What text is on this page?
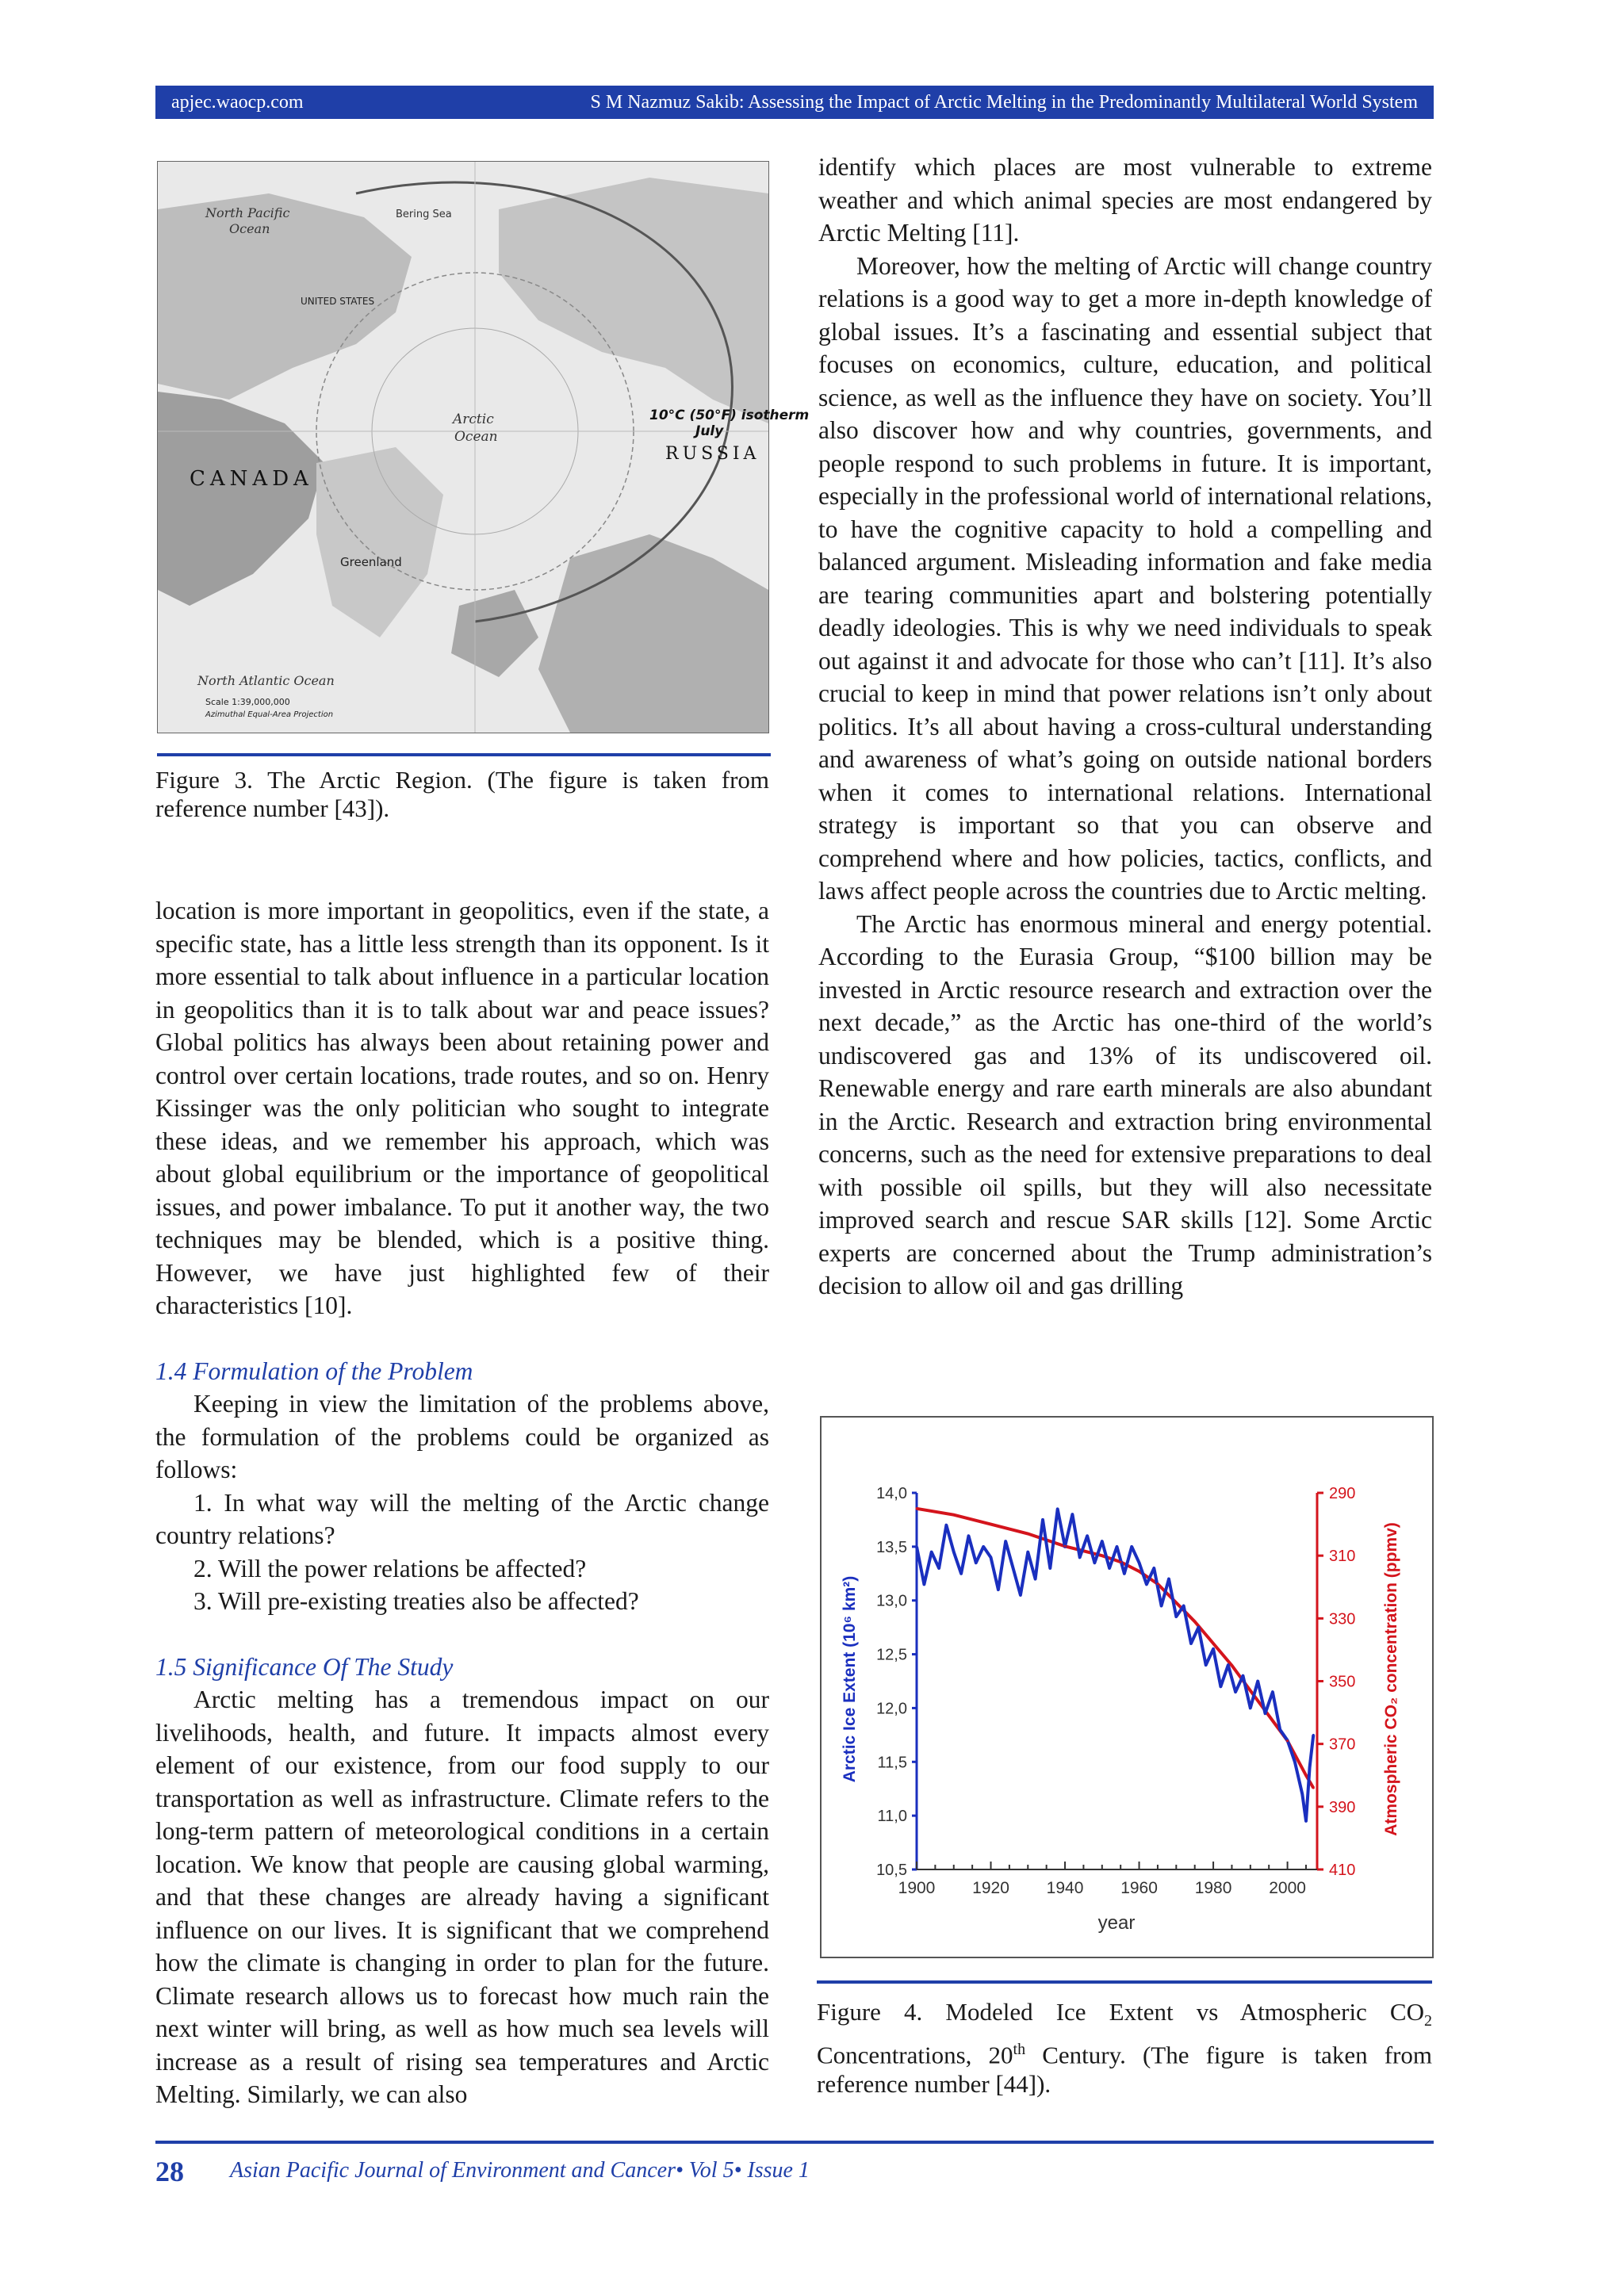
apjec.waocp.com	S M Nazmuz Sakib: Assessing the Impact of Arctic Melting in the Predominantly Multilateral World System
North Pacific
Ocean
Bering Sea
UNITED STATES
CANADA
Arctic
Ocean
10°C (50°F) isotherm
July
RUSSIA
Greenland
North Atlantic Ocean
Scale 1:39,000,000
Azimuthal Equal-Area Projection
Figure 3. The Arctic Region. (The figure is taken from reference number [43]).

location is more important in geopolitics, even if the state, a specific state, has a little less strength than its opponent. Is it more essential to talk about influence in a particular location in geopolitics than it is to talk about war and peace issues? Global politics has always been about retaining power and control over certain locations, trade routes, and so on. Henry Kissinger was the only politician who sought to integrate these ideas, and we remember his approach, which was about global equilibrium or the importance of geopolitical issues, and power imbalance. To put it another way, the two techniques may be blended, which is a positive thing. However, we have just highlighted few of their characteristics [10].

1.4 Formulation of the Problem

Keeping in view the limitation of the problems above, the formulation of the problems could be organized as follows:

1. In what way will the melting of the Arctic change country relations?

2. Will the power relations be affected?

3. Will pre-existing treaties also be affected?

1.5 Significance Of The Study

Arctic melting has a tremendous impact on our livelihoods, health, and future. It impacts almost every element of our existence, from our food supply to our transportation as well as infrastructure. Climate refers to the long-term pattern of meteorological conditions in a certain location. We know that people are causing global warming, and that these changes are already having a significant influence on our lives. It is significant that we comprehend how the climate is changing in order to plan for the future. Climate research allows us to forecast how much rain the next winter will bring, as well as how much sea levels will increase as a result of rising sea temperatures and Arctic Melting. Similarly, we can also

identify which places are most vulnerable to extreme weather and which animal species are most endangered by Arctic Melting [11].

Moreover, how the melting of Arctic will change country relations is a good way to get a more in-depth knowledge of global issues. It’s a fascinating and essential subject that focuses on economics, culture, education, and political science, as well as the influence they have on society. You’ll also discover how and why countries, governments, and people respond to such problems in future. It is important, especially in the professional world of international relations, to have the cognitive capacity to hold a compelling and balanced argument. Misleading information and fake media are tearing communities apart and bolstering potentially deadly ideologies. This is why we need individuals to speak out against it and advocate for those who can’t [11]. It’s also crucial to keep in mind that power relations isn’t only about politics. It’s all about having a cross-cultural understanding and awareness of what’s going on outside national borders when it comes to international relations. International strategy is important so that you can observe and comprehend where and how policies, tactics, conflicts, and laws affect people across the countries due to Arctic melting.

The Arctic has enormous mineral and energy potential. According to the Eurasia Group, “$100 billion may be invested in Arctic resource research and extraction over the next decade,” as the Arctic has one-third of the world’s undiscovered gas and 13% of its undiscovered oil. Renewable energy and rare earth minerals are also abundant in the Arctic. Research and extraction bring environmental concerns, such as the need for extensive preparations to deal with possible oil spills, but they will also necessitate improved search and rescue SAR skills [12]. Some Arctic experts are concerned about the Trump administration’s decision to allow oil and gas drilling

14,0
13,5
13,0
12,5
12,0
11,5
11,0
10,5
290
310
330
350
370
390
410
1900 1920 1940 1960 1980 2000
Arctic Ice Extent (10⁶ km²)	Atmospheric CO₂ concentration (ppmv)
year
Figure 4. Modeled Ice Extent vs Atmospheric $CO_2$ Concentrations, 20th Century. (The figure is taken from reference number [44]).
28 Asian Pacific Journal of Environment and Cancer• Vol 5• Issue 1
